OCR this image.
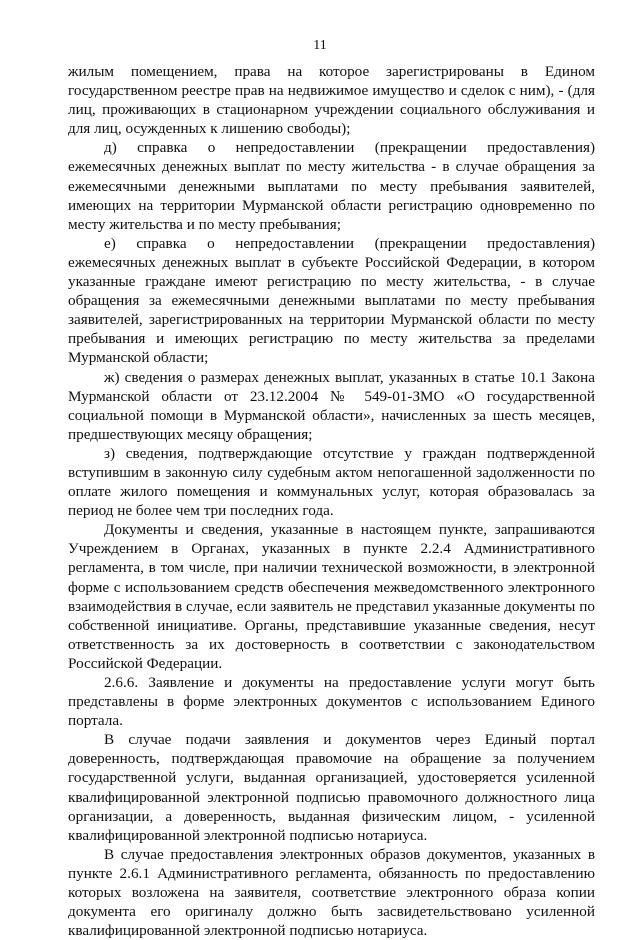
11

жилым помещением, права на которое зарегистрированы в Едином государственном реестре прав на недвижимое имущество и сделок с ним), - (для лиц, проживающих в стационарном учреждении социального обслуживания и для лиц, осужденных к лишению свободы);

д) справка о непредоставлении (прекращении предоставления) ежемесячных денежных выплат по месту жительства - в случае обращения за ежемесячными денежными выплатами по месту пребывания заявителей, имеющих на территории Мурманской области регистрацию одновременно по месту жительства и по месту пребывания;

е) справка о непредоставлении (прекращении предоставления) ежемесячных денежных выплат в субъекте Российской Федерации, в котором указанные граждане имеют регистрацию по месту жительства, - в случае обращения за ежемесячными денежными выплатами по месту пребывания заявителей, зарегистрированных на территории Мурманской области по месту пребывания и имеющих регистрацию по месту жительства за пределами Мурманской области;

ж) сведения о размерах денежных выплат, указанных в статье 10.1 Закона Мурманской области от 23.12.2004 № 549-01-ЗМО «О государственной социальной помощи в Мурманской области», начисленных за шесть месяцев, предшествующих месяцу обращения;

з) сведения, подтверждающие отсутствие у граждан подтвержденной вступившим в законную силу судебным актом непогашенной задолженности по оплате жилого помещения и коммунальных услуг, которая образовалась за период не более чем три последних года.

Документы и сведения, указанные в настоящем пункте, запрашиваются Учреждением в Органах, указанных в пункте 2.2.4 Административного регламента, в том числе, при наличии технической возможности, в электронной форме с использованием средств обеспечения межведомственного электронного взаимодействия в случае, если заявитель не представил указанные документы по собственной инициативе. Органы, представившие указанные сведения, несут ответственность за их достоверность в соответствии с законодательством Российской Федерации.

2.6.6. Заявление и документы на предоставление услуги могут быть представлены в форме электронных документов с использованием Единого портала.

В случае подачи заявления и документов через Единый портал доверенность, подтверждающая правомочие на обращение за получением государственной услуги, выданная организацией, удостоверяется усиленной квалифицированной электронной подписью правомочного должностного лица организации, а доверенность, выданная физическим лицом, - усиленной квалифицированной электронной подписью нотариуса.

В случае предоставления электронных образов документов, указанных в пункте 2.6.1 Административного регламента, обязанность по предоставлению которых возложена на заявителя, соответствие электронного образа копии документа его оригиналу должно быть засвидетельствовано усиленной квалифицированной электронной подписью нотариуса.
